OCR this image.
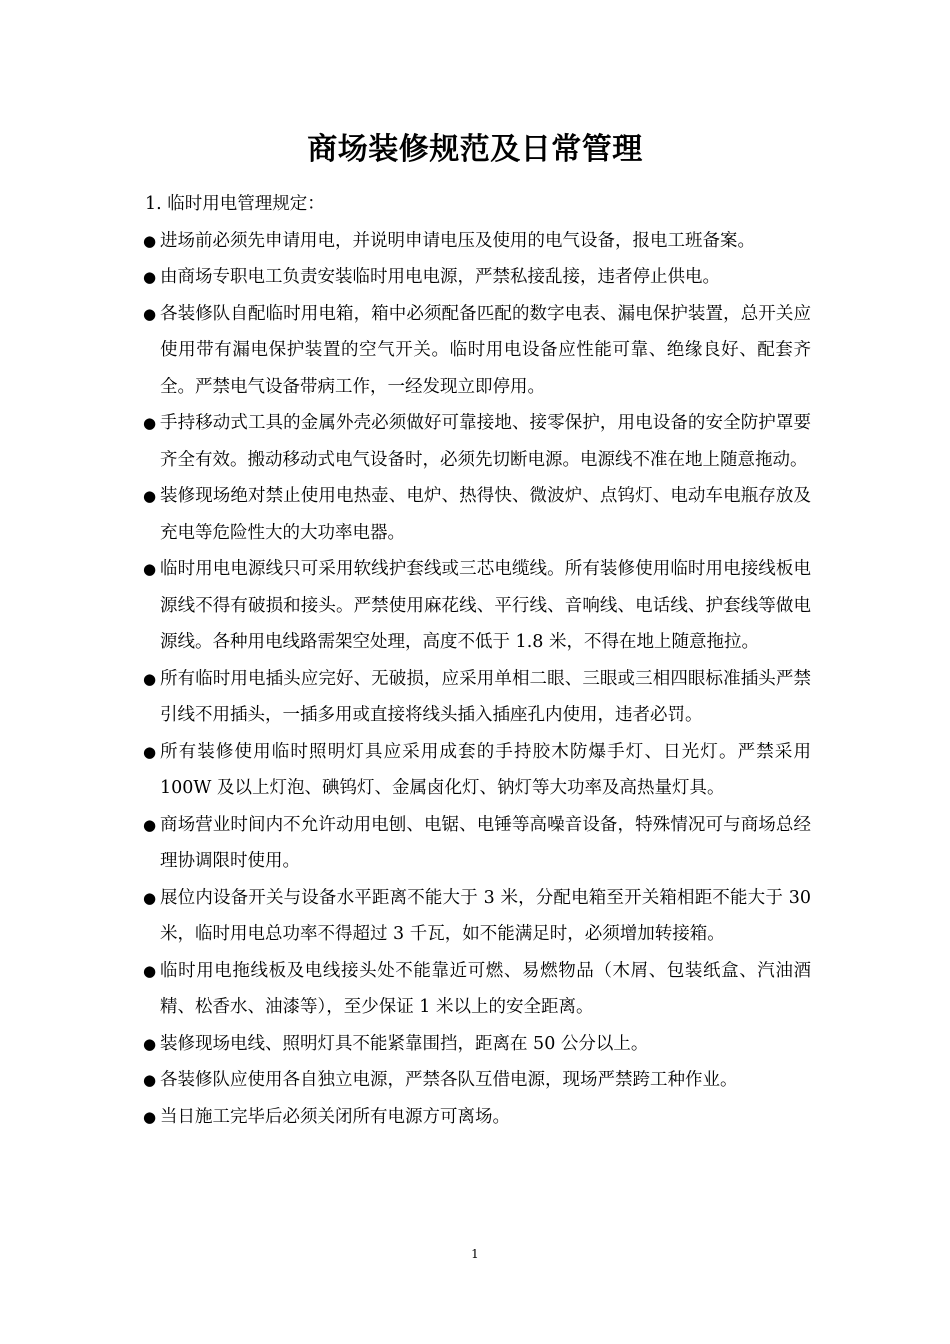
商场装修规范及日常管理

1. 临时用电管理规定：

● 进场前必须先申请用电，并说明申请电压及使用的电气设备，报电工班备案。
● 由商场专职电工负责安装临时用电电源，严禁私接乱接，违者停止供电。
● 各装修队自配临时用电箱，箱中必须配备匹配的数字电表、漏电保护装置，总开关应使用带有漏电保护装置的空气开关。临时用电设备应性能可靠、绝缘良好、配套齐全。严禁电气设备带病工作，一经发现立即停用。
● 手持移动式工具的金属外壳必须做好可靠接地、接零保护，用电设备的安全防护罩要齐全有效。搬动移动式电气设备时，必须先切断电源。电源线不准在地上随意拖动。
● 装修现场绝对禁止使用电热壶、电炉、热得快、微波炉、点钨灯、电动车电瓶存放及充电等危险性大的大功率电器。
● 临时用电电源线只可采用软线护套线或三芯电缆线。所有装修使用临时用电接线板电源线不得有破损和接头。严禁使用麻花线、平行线、音响线、电话线、护套线等做电源线。各种用电线路需架空处理，高度不低于 1.8 米，不得在地上随意拖拉。
● 所有临时用电插头应完好、无破损，应采用单相二眼、三眼或三相四眼标准插头严禁引线不用插头，一插多用或直接将线头插入插座孔内使用，违者必罚。
● 所有装修使用临时照明灯具应采用成套的手持胶木防爆手灯、日光灯。严禁采用 100W 及以上灯泡、碘钨灯、金属卤化灯、钠灯等大功率及高热量灯具。
● 商场营业时间内不允许动用电刨、电锯、电锤等高噪音设备，特殊情况可与商场总经理协调限时使用。
● 展位内设备开关与设备水平距离不能大于 3 米，分配电箱至开关箱相距不能大于 30 米，临时用电总功率不得超过 3 千瓦，如不能满足时，必须增加转接箱。
● 临时用电拖线板及电线接头处不能靠近可燃、易燃物品（木屑、包装纸盒、汽油酒精、松香水、油漆等），至少保证 1 米以上的安全距离。
● 装修现场电线、照明灯具不能紧靠围挡，距离在 50 公分以上。
● 各装修队应使用各自独立电源，严禁各队互借电源，现场严禁跨工种作业。
● 当日施工完毕后必须关闭所有电源方可离场。
1
